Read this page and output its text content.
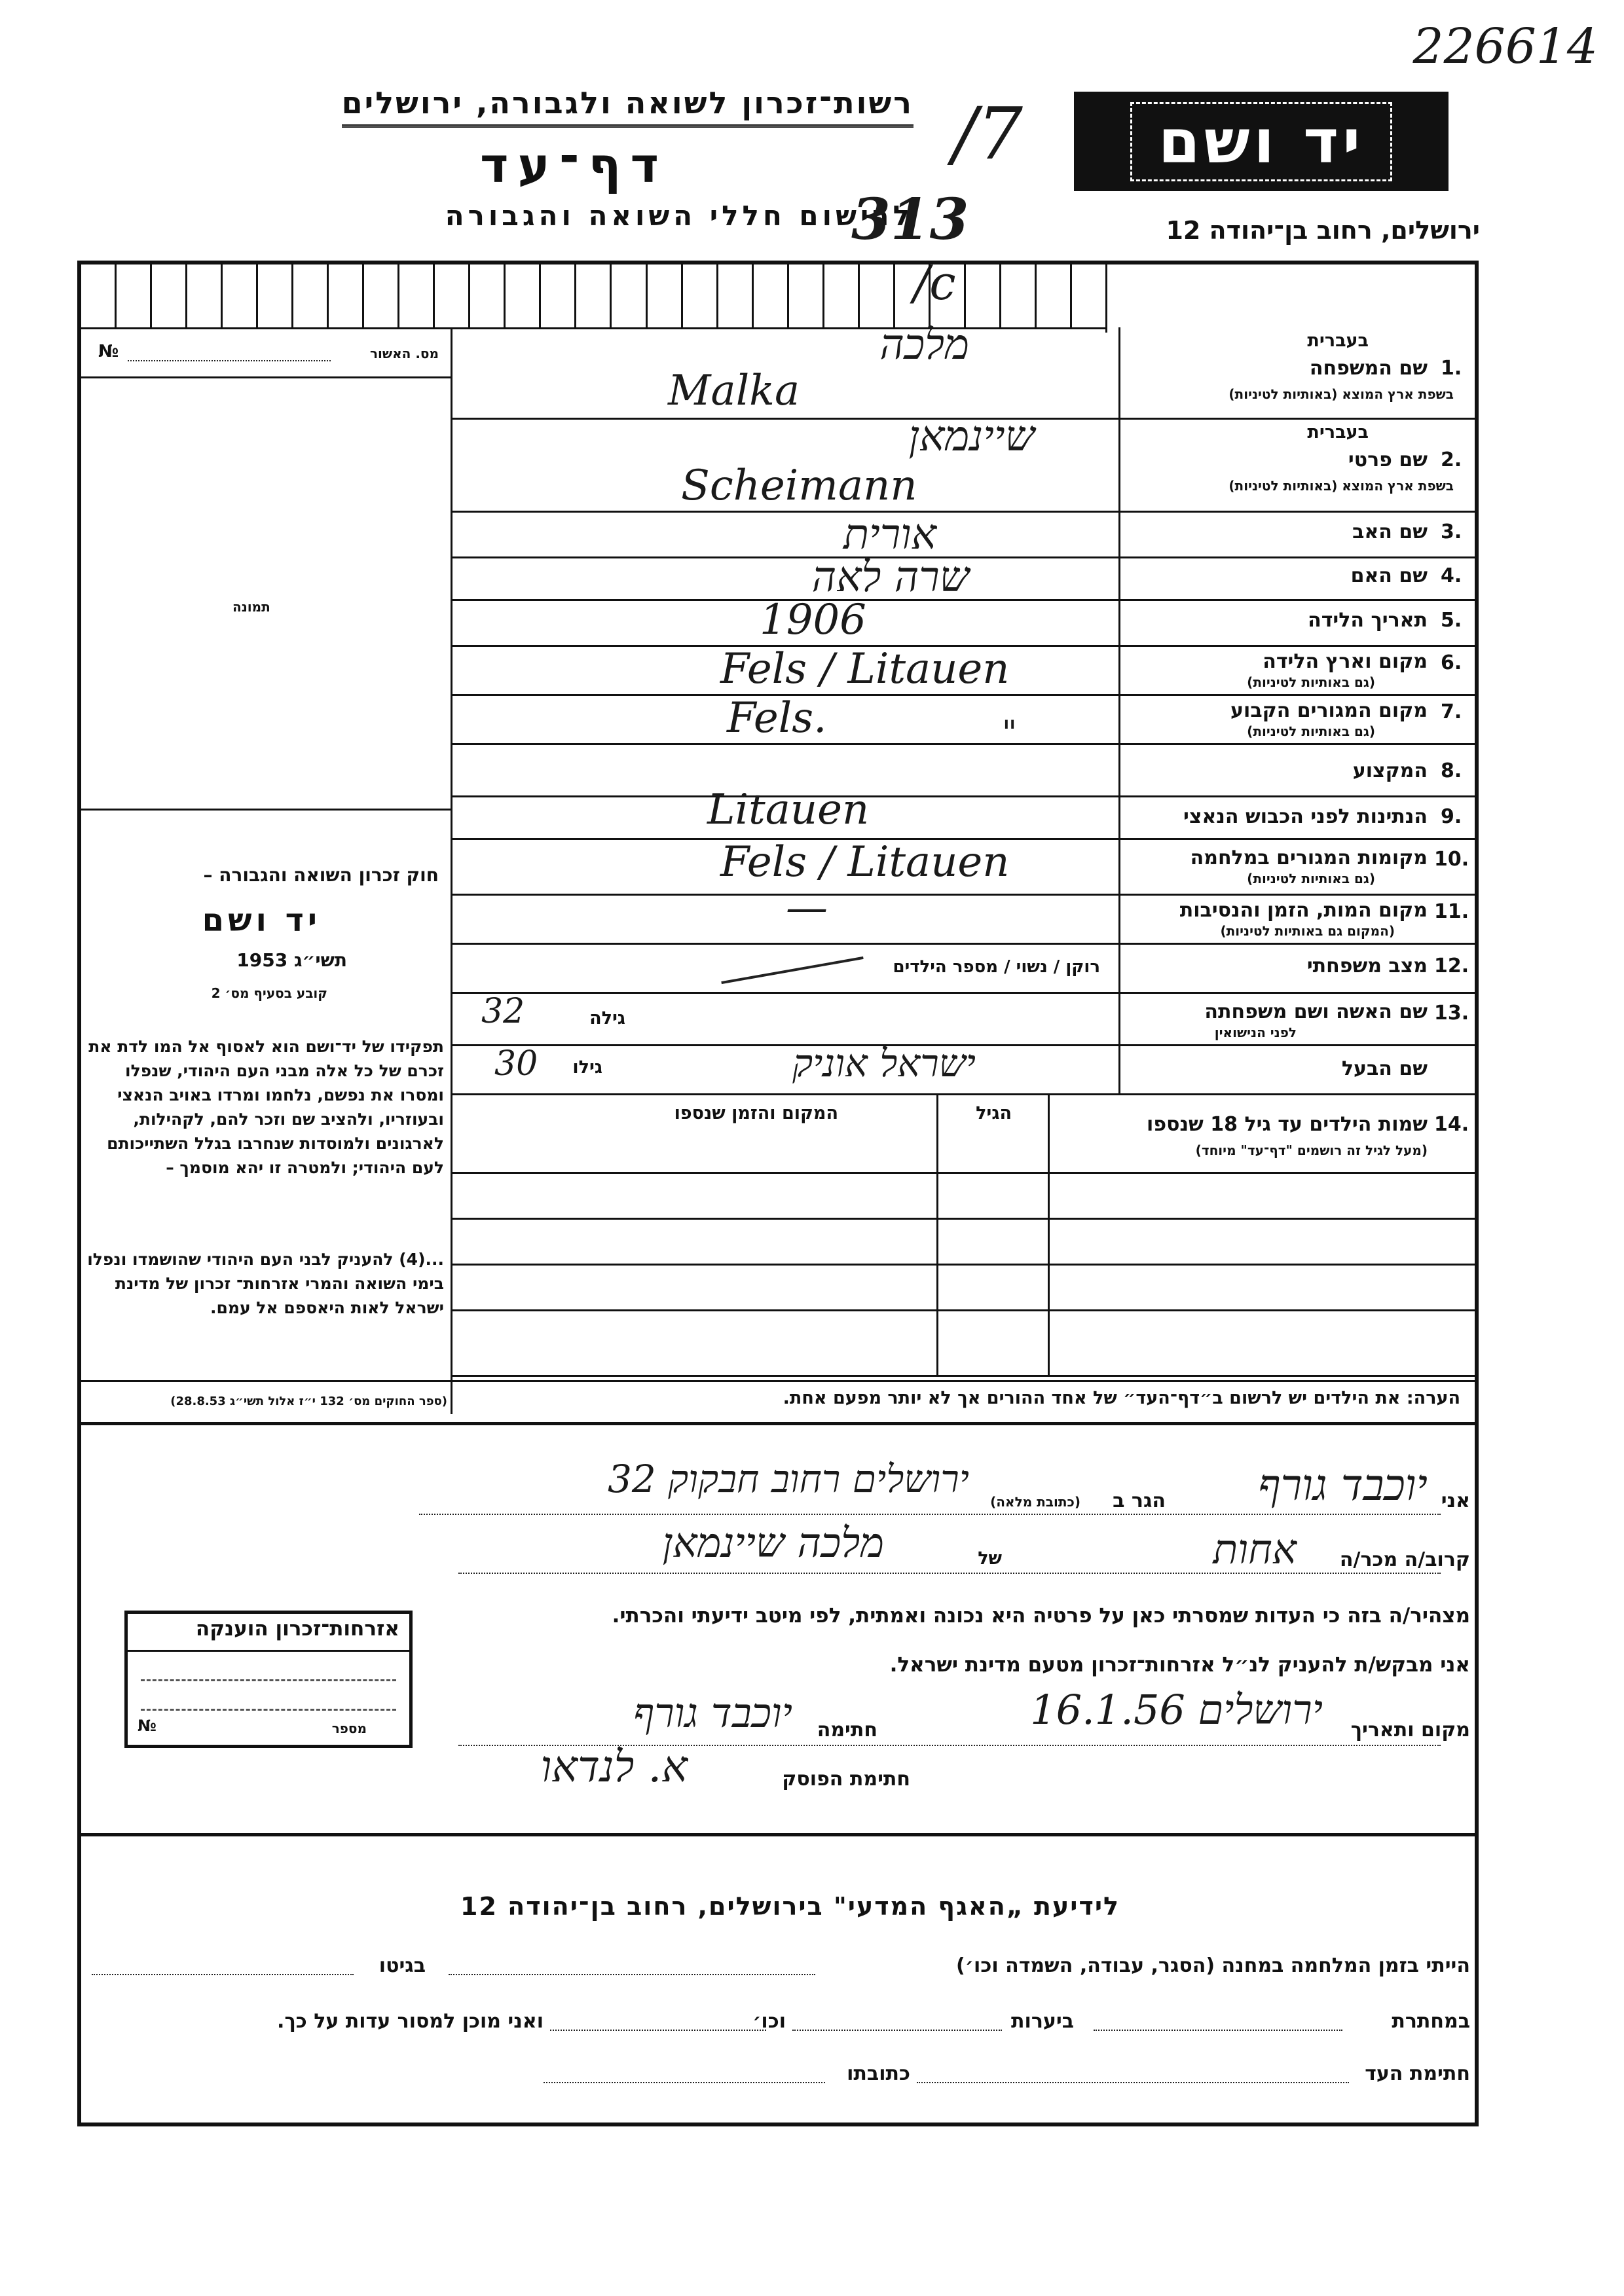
226614
רשות־זכרון לשואה ולגבורה, ירושלים
דף־עד
לרישום חללי השואה והגבורה
/7
313
/c
יד ושם
ירושלים, רחוב בן־יהודה 12
מס. האשור
№
תמונה
חוק זכרון השואה והגבורה –
יד ושם
תשי״ג 1953
קובע בסעיף מס׳ 2
תפקידו של יד־ושם הוא לאסוף אל המו לדת את זכרם של כל אלה מבני העם היהודי, שנפלו ומסרו את נפשם, נלחמו ומרדו באויב הנאצי ובעוזריו, ולהציב שם וזכר להם, לקהילות, לארגונים ולמוסדות שנחרבו בגלל השתייכותם לעם היהודי; ולמטרה זו יהא מוסמך –
...(4) להעניק לבני העם היהודי שהושמדו ונפלו בימי השואה והמרי אזרחות־ זכרון של מדינת ישראל לאות היאספם אל עמם.
(ספר החוקים מס׳ 132 י״ז אלול תשי״ג 28.8.53)
בעברית
1.
שם המשפחה
בשפת ארץ המוצא (באותיות לטיניות)
מלכה
Malka
בעברית
2.
שם פרטי
בשפת ארץ המוצא (באותיות לטיניות)
שיינמאן
Scheimann
3.
שם האב
אורית
4.
שם האם
שרה לאה
5.
תאריך הלידה
1906
6.
מקום וארץ הלידה
(גם באותיות לטיניות)
Fels / Litauen
7.
מקום המגורים הקבוע
(גם באותיות לטיניות)
Fels.	"
8.
המקצוע
9.
הנתינות לפני הכבוש הנאצי
Litauen
10.
מקומות המגורים במלחמה
(גם באותיות לטיניות)
Fels / Litauen
11.
מקום המות, הזמן והנסיבות
(המקום גם באותיות לטיניות)
—
12.
מצב משפחתי
רוקן / נשוי / מספר הילדים
13.
שם האשה ושם משפחתה
לפני הנישואין
גילה
32
שם הבעל
גילו
30	ישראל אוניק
14.
שמות הילדים עד גיל 18 שנספו
(מעל לגיל זה רושמים "דף־עד" מיוחד)
הגיל
המקום והזמן שנספו
הערה: את הילדים יש לרשום ב״דף־העד״ של אחד ההורים אך לא יותר מפעם אחת.
אני
יוכבד גורף
הגר ב
(כתובת מלאה)
ירושלים רחוב חבקוק 32
קרוב/ה מכר/ה
אחות
של
מלכה שיינמאן
מצהיר/ה בזה כי העדות שמסרתי כאן על פרטיה היא נכונה ואמתית, לפי מיטב ידיעתי והכרתי.
אני מבקש/ת להעניק לנ״ל אזרחות־זכרון מטעם מדינת ישראל.
מקום ותאריך
ירושלים 16.1.56
חתימה
יוכבד גורף
חתימת הפוסק
א. לנדאו
אזרחות־זכרון הוענקה
מספר
№
לידיעת „האגף המדעי" בירושלים, רחוב בן־יהודה 12
הייתי בזמן המלחמה במחנה (הסגר, עבודה, השמדה וכו׳)
בגיטו
במחתרת
ביערות
וכו׳
ואני מוכן למסור עדות על כך.
חתימת העד
כתובתו
